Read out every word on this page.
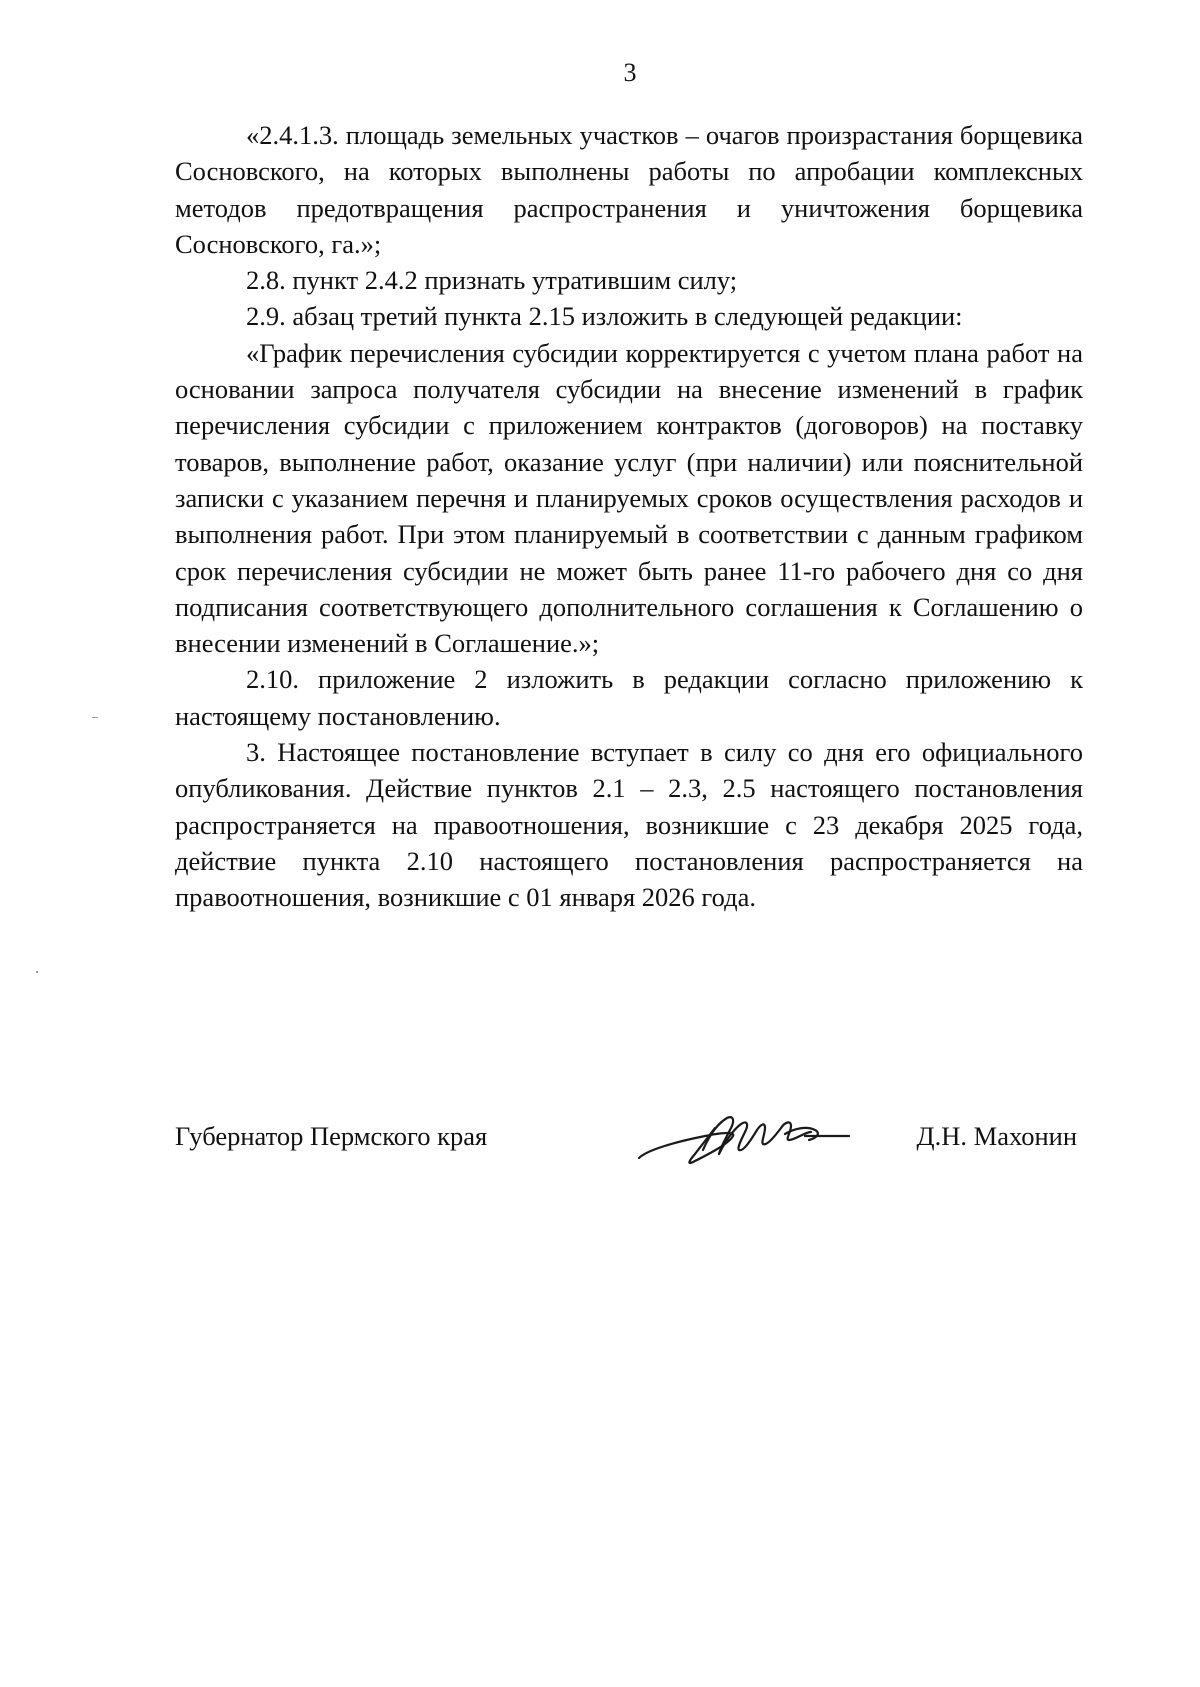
3

«2.4.1.3. площадь земельных участков – очагов произрастания борщевика Сосновского, на которых выполнены работы по апробации комплексных методов предотвращения распространения и уничтожения борщевика Сосновского, га.»;

2.8. пункт 2.4.2 признать утратившим силу;

2.9. абзац третий пункта 2.15 изложить в следующей редакции:

«График перечисления субсидии корректируется с учетом плана работ на основании запроса получателя субсидии на внесение изменений в график перечисления субсидии с приложением контрактов (договоров) на поставку товаров, выполнение работ, оказание услуг (при наличии) или пояснительной записки с указанием перечня и планируемых сроков осуществления расходов и выполнения работ. При этом планируемый в соответствии с данным графиком срок перечисления субсидии не может быть ранее 11-го рабочего дня со дня подписания соответствующего дополнительного соглашения к Соглашению о внесении изменений в Соглашение.»;

2.10. приложение 2 изложить в редакции согласно приложению к настоящему постановлению.

3. Настоящее постановление вступает в силу со дня его официального опубликования. Действие пунктов 2.1 – 2.3, 2.5 настоящего постановления распространяется на правоотношения, возникшие с 23 декабря 2025 года, действие пункта 2.10 настоящего постановления распространяется на правоотношения, возникшие с 01 января 2026 года.

Губернатор Пермского края	Д.Н. Махонин
